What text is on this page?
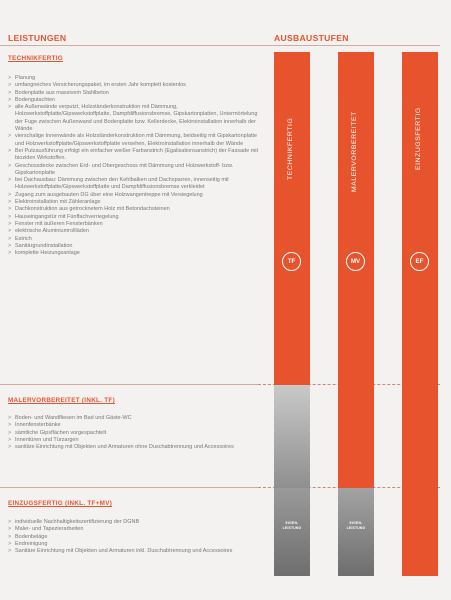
LEISTUNGEN	AUSBAUSTUFEN
TECHNIKFERTIG
> Planung
> umfangreiches Versicherungspaket, im ersten Jahr komplett kostenlos
> Bodenplatte aus massivem Stahlbeton
> Bodengutachten
> alle Außenwände verputzt, Holzständerkonstruktion mit Dämmung, Holzwerkstoffplatte/Gipswerkstoffplatte, Dampfdiffusionsbremse, Gipskartonplatten, Untermörtelung der Fuge zwischen Außenwand und Bodenplatte bzw. Kellerdecke, Elektroinstallation innerhalb der Wände
> vierschalige Innenwände als Holzständerkonstruktion mit Dämmung, beidseitig mit Gipskartonplatte und Holzwerkstoffplatte/Gipswerkstoffplatte versehen, Elektroinstallation innerhalb der Wände
> Bei Putzausführung erfolgt ein einfacher weißer Farbanstrich (Egalisationsanstrich) der Fassade mit bioziden Wirkstoffen.
> Geschossdecke zwischen Erd- und Obergeschoss mit Dämmung und Holzwerkstoff- bzw. Gipskartonplatte
> bei Dachausbau: Dämmung zwischen den Kehlbalken und Dachsparren, innenseitig mit Holzwerkstoffplatte/Gipswerkstoffplatte und Dampfdiffusionsbremse verkleidet
> Zugang zum ausgebauten DG über eine Holzwangentreppe mit Versiegelung
> Elektroinstallation mit Zähleranlage
> Dachkonstruktion aus getrocknetem Holz mit Betondachsteinen
> Hauseingangstür mit Fünffachverriegelung
> Fenster mit äußeren Fensterbänken
> elektrische Aluminiumrollläden
> Estrich
> Sanitärgrundinstallation
> komplette Heizungsanlage
MALERVORBEREITET (INKL. TF)
> Boden- und Wandfliesen im Bad und Gäste-WC
> Innenfensterbänke
> sämtliche Gipsflächen vorgespachtelt
> Innentüren und Türzargen
> sanitäre Einrichtung mit Objekten und Armaturen ohne Duschabtrennung und Accessoires
EINZUGSFERTIG (INKL. TF+MV)
> individuelle Nachhaltigkeitszertifizierung der DGNB
> Maler- und Tapezierarbeiten
> Bodenbeläge
> Endreinigung
> Sanitäre Einrichtung mit Objekten und Armaturen inkl. Duschabtrennung und Accessoires
TECHNIKFERTIG
TF
EIGEN-
LEISTUNG
MALERVORBEREITET
MV
EIGEN-
LEISTUNG
EINZUGSFERTIG
EF
